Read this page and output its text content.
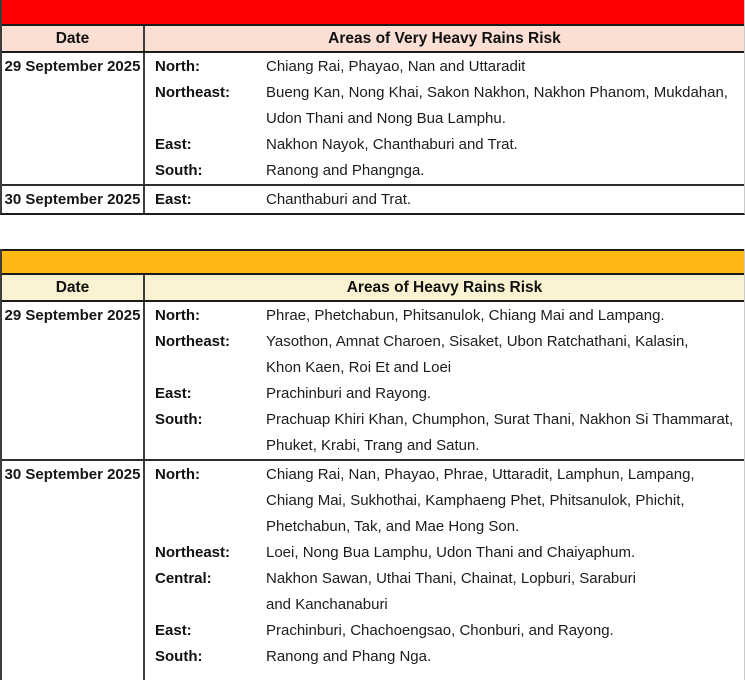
Date	Areas of Very Heavy Rains Risk
29 September 2025 North:	Chiang Rai, Phayao, Nan and Uttaradit
Northeast:	Bueng Kan, Nong Khai, Sakon Nakhon, Nakhon Phanom, Mukdahan,
Udon Thani and Nong Bua Lamphu.
East:	Nakhon Nayok, Chanthaburi and Trat.
South:	Ranong and Phangnga.
30 September 2025 East:	Chanthaburi and Trat.
Date	Areas of Heavy Rains Risk
29 September 2025 North:	Phrae, Phetchabun, Phitsanulok, Chiang Mai and Lampang.
Northeast:	Yasothon, Amnat Charoen, Sisaket, Ubon Ratchathani, Kalasin,
Khon Kaen, Roi Et and Loei
East:	Prachinburi and Rayong.
South:	Prachuap Khiri Khan, Chumphon, Surat Thani, Nakhon Si Thammarat,
Phuket, Krabi, Trang and Satun.
30 September 2025 North:	Chiang Rai, Nan, Phayao, Phrae, Uttaradit, Lamphun, Lampang,
Chiang Mai, Sukhothai, Kamphaeng Phet, Phitsanulok, Phichit,
Phetchabun, Tak, and Mae Hong Son.
Northeast:	Loei, Nong Bua Lamphu, Udon Thani and Chaiyaphum.
Central:	Nakhon Sawan, Uthai Thani, Chainat, Lopburi, Saraburi
and Kanchanaburi
East:	Prachinburi, Chachoengsao, Chonburi, and Rayong.
South:	Ranong and Phang Nga.
